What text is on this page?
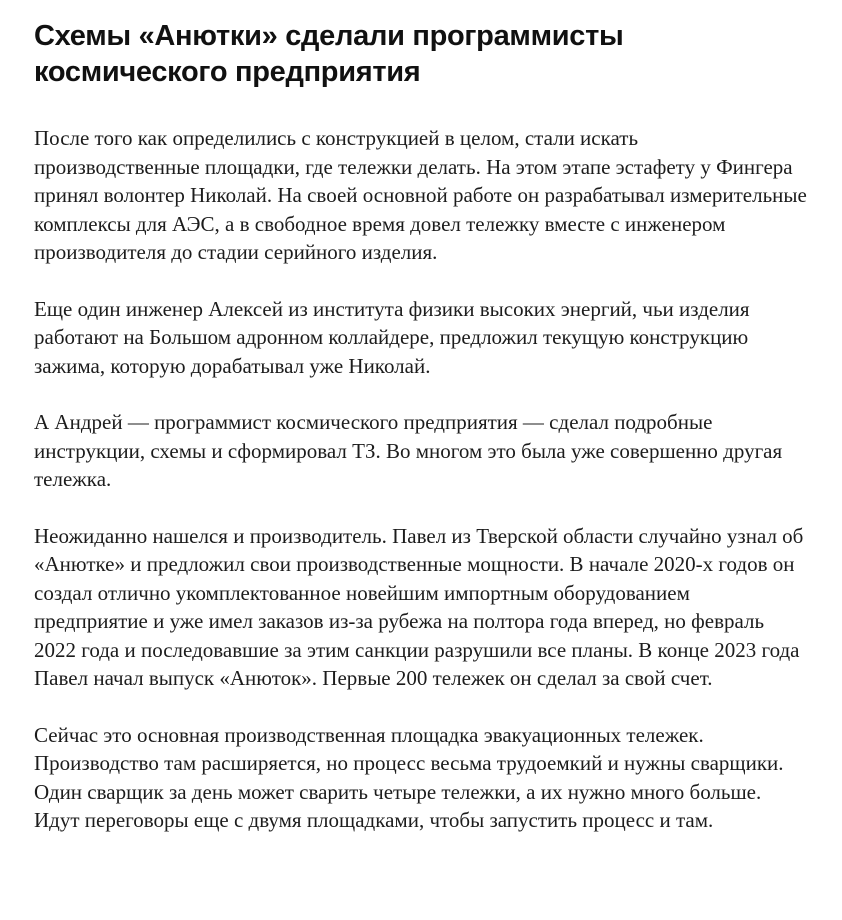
Схемы «Анютки» сделали программисты космического предприятия

После того как определились с конструкцией в целом, стали искать производственные площадки, где тележки делать. На этом этапе эстафету у Фингера принял волонтер Николай. На своей основной работе он разрабатывал измерительные комплексы для АЭС, а в свободное время довел тележку вместе с инженером производителя до стадии серийного изделия.

Еще один инженер Алексей из института физики высоких энергий, чьи изделия работают на Большом адронном коллайдере, предложил текущую конструкцию зажима, которую дорабатывал уже Николай.

А Андрей — программист космического предприятия — сделал подробные инструкции, схемы и сформировал ТЗ. Во многом это была уже совершенно другая тележка.

Неожиданно нашелся и производитель. Павел из Тверской области случайно узнал об «Анютке» и предложил свои производственные мощности. В начале 2020-х годов он создал отлично укомплектованное новейшим импортным оборудованием предприятие и уже имел заказов из-за рубежа на полтора года вперед, но февраль 2022 года и последовавшие за этим санкции разрушили все планы. В конце 2023 года Павел начал выпуск «Анюток». Первые 200 тележек он сделал за свой счет.

Сейчас это основная производственная площадка эвакуационных тележек. Производство там расширяется, но процесс весьма трудоемкий и нужны сварщики. Один сварщик за день может сварить четыре тележки, а их нужно много больше. Идут переговоры еще с двумя площадками, чтобы запустить процесс и там.
